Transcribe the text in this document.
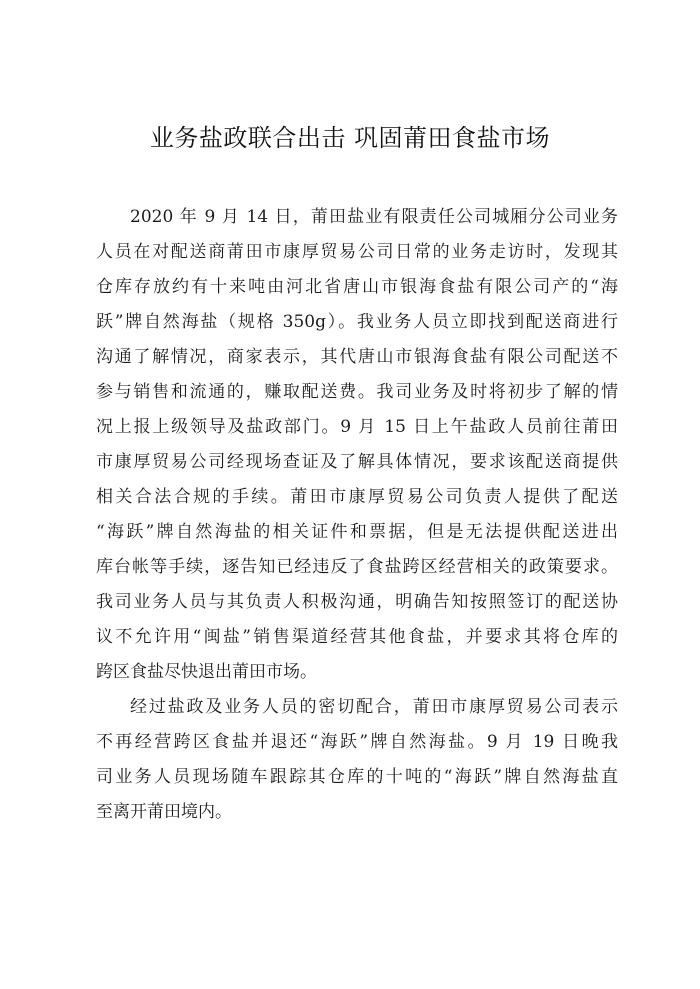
业务盐政联合出击 巩固莆田食盐市场
2020 年 9 月 14 日，莆田盐业有限责任公司城厢分公司业务
人员在对配送商莆田市康厚贸易公司日常的业务走访时，发现其
仓库存放约有十来吨由河北省唐山市银海食盐有限公司产的“海
跃”牌自然海盐（规格 350g）。我业务人员立即找到配送商进行
沟通了解情况，商家表示，其代唐山市银海食盐有限公司配送不
参与销售和流通的，赚取配送费。我司业务及时将初步了解的情
况上报上级领导及盐政部门。9 月 15 日上午盐政人员前往莆田
市康厚贸易公司经现场查证及了解具体情况，要求该配送商提供
相关合法合规的手续。莆田市康厚贸易公司负责人提供了配送
“海跃”牌自然海盐的相关证件和票据，但是无法提供配送进出
库台帐等手续，逐告知已经违反了食盐跨区经营相关的政策要求。
我司业务人员与其负责人积极沟通，明确告知按照签订的配送协
议不允许用“闽盐”销售渠道经营其他食盐，并要求其将仓库的
跨区食盐尽快退出莆田市场。
经过盐政及业务人员的密切配合，莆田市康厚贸易公司表示
不再经营跨区食盐并退还“海跃”牌自然海盐。9 月 19 日晚我
司业务人员现场随车跟踪其仓库的十吨的“海跃”牌自然海盐直
至离开莆田境内。
